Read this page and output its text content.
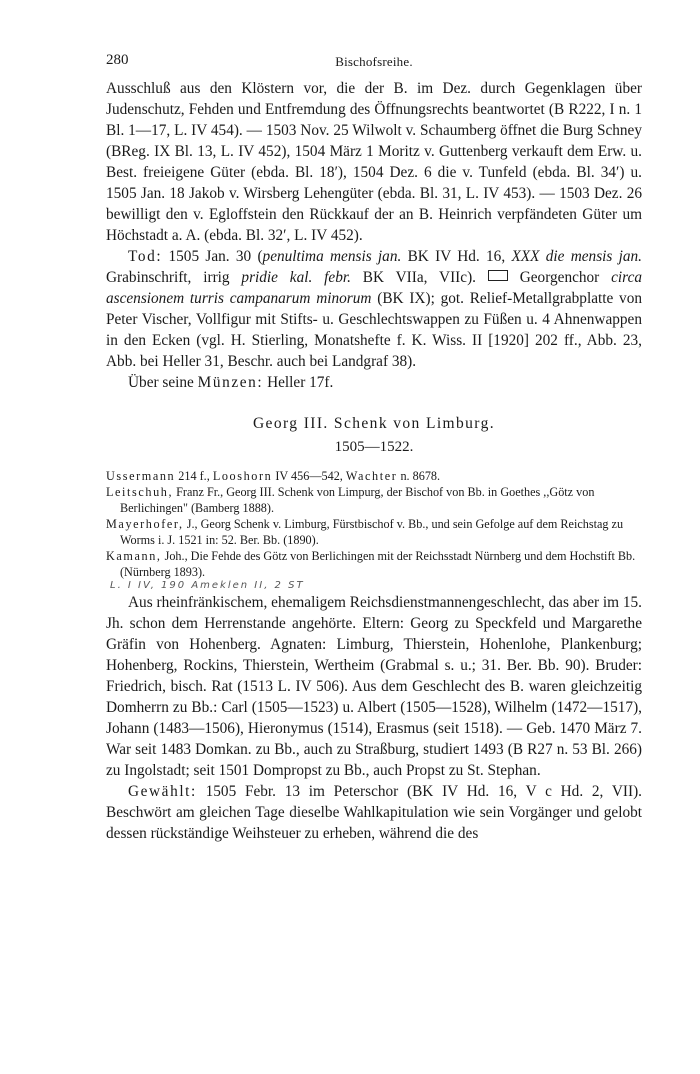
280	Bischofsreihe.

Ausschluß aus den Klöstern vor, die der B. im Dez. durch Gegenklagen über Judenschutz, Fehden und Entfremdung des Öffnungsrechts beantwortet (B R222, I n. 1 Bl. 1—17, L. IV 454). — 1503 Nov. 25 Wilwolt v. Schaumberg öffnet die Burg Schney (BReg. IX Bl. 13, L. IV 452), 1504 März 1 Moritz v. Guttenberg verkauft dem Erw. u. Best. freieigene Güter (ebda. Bl. 18′), 1504 Dez. 6 die v. Tunfeld (ebda. Bl. 34′) u. 1505 Jan. 18 Jakob v. Wirsberg Lehengüter (ebda. Bl. 31, L. IV 453). — 1503 Dez. 26 bewilligt den v. Egloffstein den Rückkauf der an B. Heinrich verpfändeten Güter um Höchstadt a. A. (ebda. Bl. 32′, L. IV 452).

Tod: 1505 Jan. 30 (penultima mensis jan. BK IV Hd. 16, XXX die mensis jan. Grabinschrift, irrig pridie kal. febr. BK VIIa, VIIc).  Georgenchor circa ascensionem turris campanarum minorum (BK IX); got. Relief-Metallgrabplatte von Peter Vischer, Vollfigur mit Stifts- u. Geschlechtswappen zu Füßen u. 4 Ahnenwappen in den Ecken (vgl. H. Stierling, Monatshefte f. K. Wiss. II [1920] 202 ff., Abb. 23, Abb. bei Heller 31, Beschr. auch bei Landgraf 38).

Über seine Münzen: Heller 17f.

Georg III. Schenk von Limburg.
1505—1522.

Ussermann 214 f., Looshorn IV 456—542, Wachter n. 8678.

Leitschuh, Franz Fr., Georg III. Schenk von Limpurg, der Bischof von Bb. in Goethes ,,Götz von Berlichingen" (Bamberg 1888).

Mayerhofer, J., Georg Schenk v. Limburg, Fürstbischof v. Bb., und sein Gefolge auf dem Reichstag zu Worms i. J. 1521 in: 52. Ber. Bb. (1890).

Kamann, Joh., Die Fehde des Götz von Berlichingen mit der Reichsstadt Nürnberg und dem Hochstift Bb. (Nürnberg 1893).

L. I IV, 190 Ameklen II, 2 ST

Aus rheinfränkischem, ehemaligem Reichsdienstmannengeschlecht, das aber im 15. Jh. schon dem Herrenstande angehörte. Eltern: Georg zu Speckfeld und Margarethe Gräfin von Hohenberg. Agnaten: Limburg, Thierstein, Hohenlohe, Plankenburg; Hohenberg, Rockins, Thierstein, Wertheim (Grabmal s. u.; 31. Ber. Bb. 90). Bruder: Friedrich, bisch. Rat (1513 L. IV 506). Aus dem Geschlecht des B. waren gleichzeitig Domherrn zu Bb.: Carl (1505—1523) u. Albert (1505—1528), Wilhelm (1472—1517), Johann (1483—1506), Hieronymus (1514), Erasmus (seit 1518). — Geb. 1470 März 7. War seit 1483 Domkan. zu Bb., auch zu Straßburg, studiert 1493 (B R27 n. 53 Bl. 266) zu Ingolstadt; seit 1501 Dompropst zu Bb., auch Propst zu St. Stephan.

Gewählt: 1505 Febr. 13 im Peterschor (BK IV Hd. 16, V c Hd. 2, VII). Beschwört am gleichen Tage dieselbe Wahlkapitulation wie sein Vorgänger und gelobt dessen rückständige Weihsteuer zu erheben, während die des
